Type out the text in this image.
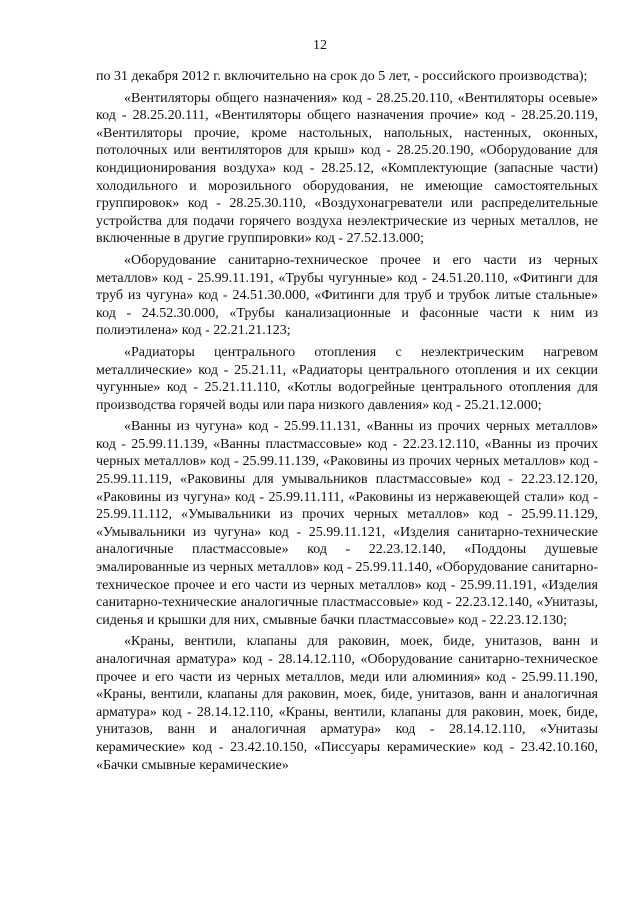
12

по 31 декабря 2012 г. включительно на срок до 5 лет, - российского производства);

«Вентиляторы общего назначения» код - 28.25.20.110, «Вентиляторы осевые» код - 28.25.20.111, «Вентиляторы общего назначения прочие» код - 28.25.20.119, «Вентиляторы прочие, кроме настольных, напольных, настенных, оконных, потолочных или вентиляторов для крыш» код - 28.25.20.190, «Оборудование для кондиционирования воздуха» код - 28.25.12, «Комплектующие (запасные части) холодильного и морозильного оборудования, не имеющие самостоятельных группировок» код - 28.25.30.110, «Воздухонагреватели или распределительные устройства для подачи горячего воздуха неэлектрические из черных металлов, не включенные в другие группировки» код - 27.52.13.000;

«Оборудование санитарно-техническое прочее и его части из черных металлов» код - 25.99.11.191, «Трубы чугунные» код - 24.51.20.110, «Фитинги для труб из чугуна» код - 24.51.30.000, «Фитинги для труб и трубок литые стальные» код - 24.52.30.000, «Трубы канализационные и фасонные части к ним из полиэтилена» код - 22.21.21.123;

«Радиаторы центрального отопления с неэлектрическим нагревом металлические» код - 25.21.11, «Радиаторы центрального отопления и их секции чугунные» код - 25.21.11.110, «Котлы водогрейные центрального отопления для производства горячей воды или пара низкого давления» код - 25.21.12.000;

«Ванны из чугуна» код - 25.99.11.131, «Ванны из прочих черных металлов» код - 25.99.11.139, «Ванны пластмассовые» код - 22.23.12.110, «Ванны из прочих черных металлов» код - 25.99.11.139, «Раковины из прочих черных металлов» код - 25.99.11.119, «Раковины для умывальников пластмассовые» код - 22.23.12.120, «Раковины из чугуна» код - 25.99.11.111, «Раковины из нержавеющей стали» код - 25.99.11.112, «Умывальники из прочих черных металлов» код - 25.99.11.129, «Умывальники из чугуна» код - 25.99.11.121, «Изделия санитарно-технические аналогичные пластмассовые» код - 22.23.12.140, «Поддоны душевые эмалированные из черных металлов» код - 25.99.11.140, «Оборудование санитарно-техническое прочее и его части из черных металлов» код - 25.99.11.191, «Изделия санитарно-технические аналогичные пластмассовые» код - 22.23.12.140, «Унитазы, сиденья и крышки для них, смывные бачки пластмассовые» код - 22.23.12.130;

«Краны, вентили, клапаны для раковин, моек, биде, унитазов, ванн и аналогичная арматура» код - 28.14.12.110, «Оборудование санитарно-техническое прочее и его части из черных металлов, меди или алюминия» код - 25.99.11.190, «Краны, вентили, клапаны для раковин, моек, биде, унитазов, ванн и аналогичная арматура» код - 28.14.12.110, «Краны, вентили, клапаны для раковин, моек, биде, унитазов, ванн и аналогичная арматура» код - 28.14.12.110, «Унитазы керамические» код - 23.42.10.150, «Писсуары керамические» код - 23.42.10.160, «Бачки смывные керамические»
